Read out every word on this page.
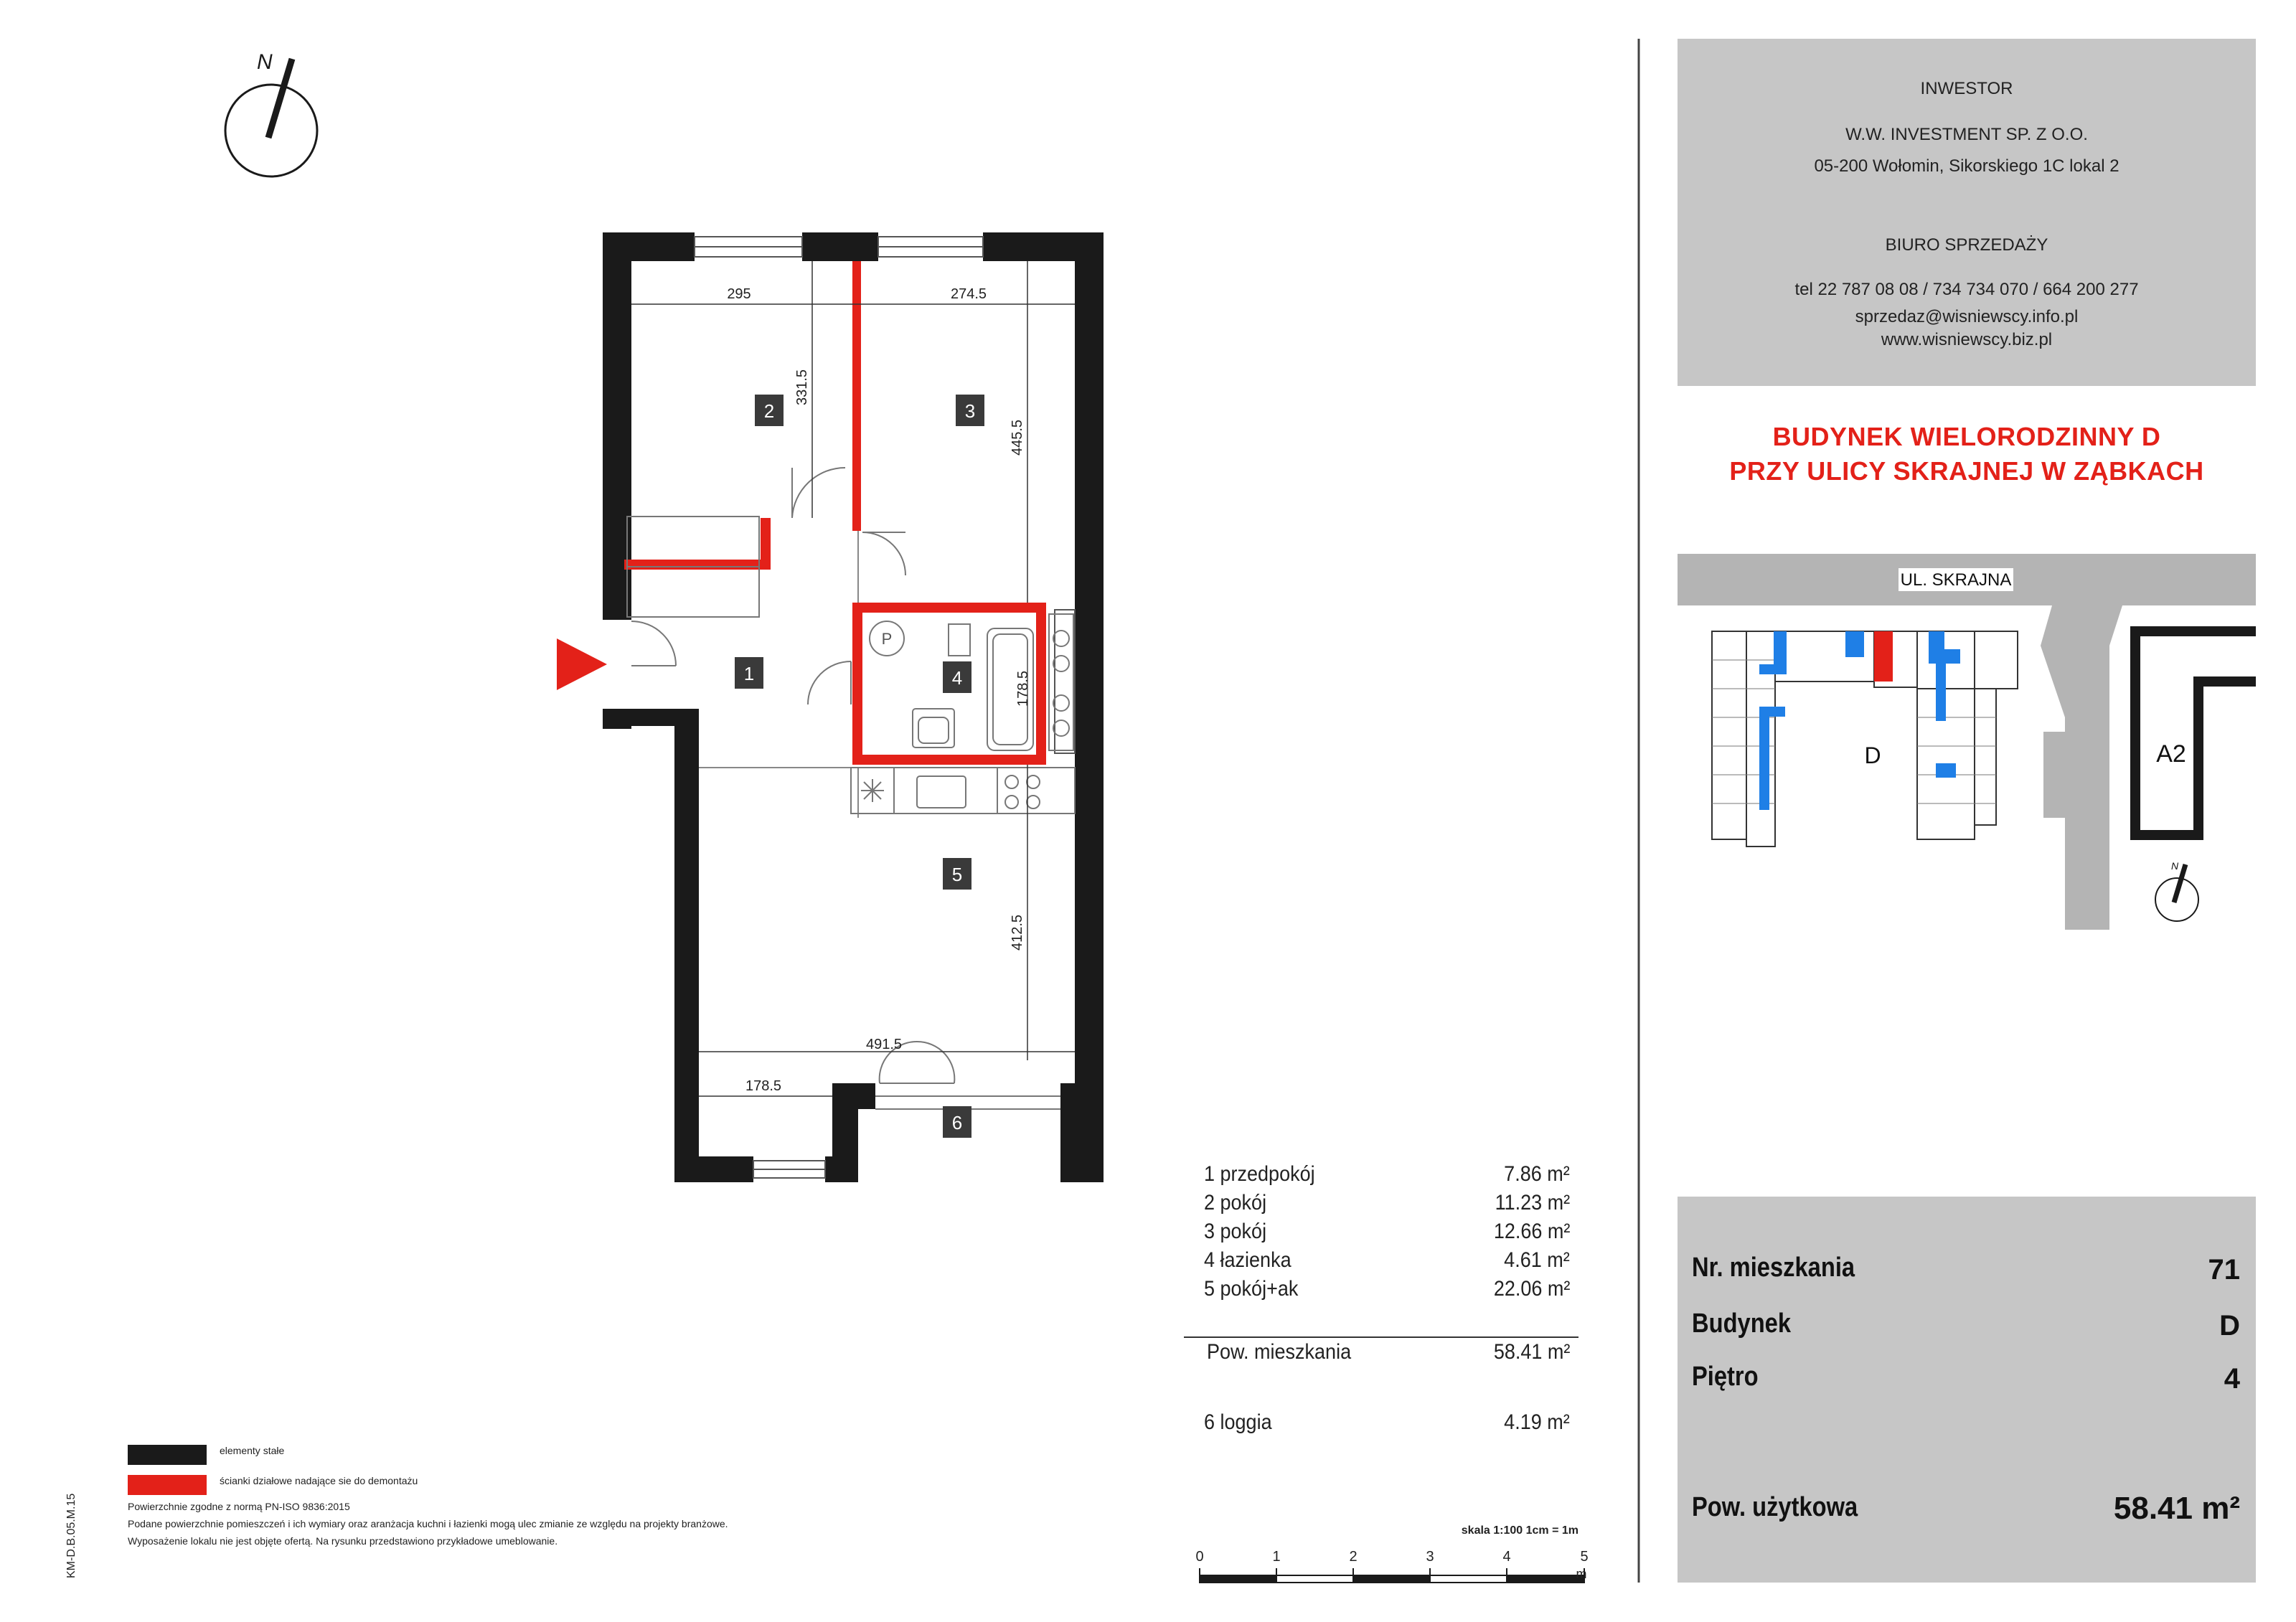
N
P
295	274.5
331.5
445.5
178.5
412.5
491.5
178.5
2	3
1	4
5
6
0	1	2	3	4	5
m
skala 1:100 1cm = 1m
KM-D.B.05.M.15
UL. SKRAJNA
D	A2
N
INWESTOR
W.W. INVESTMENT SP. Z O.O.
05-200 Wołomin, Sikorskiego 1C lokal 2
BIURO SPRZEDAŻY
tel 22 787 08 08 / 734 734 070 / 664 200 277
sprzedaz@wisniewscy.info.pl
www.wisniewscy.biz.pl
BUDYNEK WIELORODZINNY D
PRZY ULICY SKRAJNEJ W ZĄBKACH
1 przedpokój	7.86 m²
2 pokój	11.23 m²
3 pokój	12.66 m²
4 łazienka	4.61 m²
5 pokój+ak	22.06 m²
Pow. mieszkania	58.41 m²
6 loggia	4.19 m²
elementy stałe
ścianki działowe nadające sie do demontażu
Powierzchnie zgodne z normą PN-ISO 9836:2015
Podane powierzchnie pomieszczeń i ich wymiary oraz aranżacja kuchni i łazienki mogą ulec zmianie ze względu na projekty branżowe.
Wyposażenie lokalu nie jest objęte ofertą. Na rysunku przedstawiono przykładowe umeblowanie.
Nr. mieszkania	71
Budynek	D
Piętro	4
Pow. użytkowa	58.41 m²
